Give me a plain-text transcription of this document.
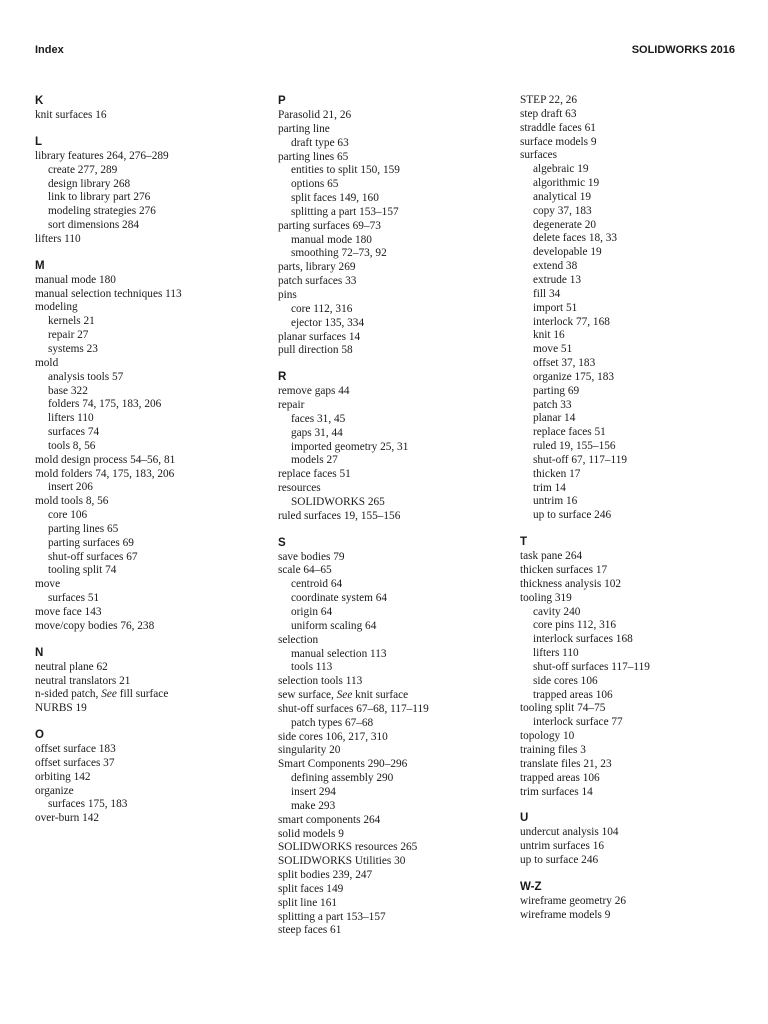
Index	SOLIDWORKS 2016
K
knit surfaces 16
L
library features 264, 276–289
create 277, 289
design library 268
link to library part 276
modeling strategies 276
sort dimensions 284
lifters 110
M
manual mode 180
manual selection techniques 113
modeling
kernels 21
repair 27
systems 23
mold
analysis tools 57
base 322
folders 74, 175, 183, 206
lifters 110
surfaces 74
tools 8, 56
mold design process 54–56, 81
mold folders 74, 175, 183, 206
insert 206
mold tools 8, 56
core 106
parting lines 65
parting surfaces 69
shut-off surfaces 67
tooling split 74
move
surfaces 51
move face 143
move/copy bodies 76, 238
N
neutral plane 62
neutral translators 21
n-sided patch, See fill surface
NURBS 19
O
offset surface 183
offset surfaces 37
orbiting 142
organize
surfaces 175, 183
over-burn 142
P
Parasolid 21, 26
parting line
draft type 63
parting lines 65
entities to split 150, 159
options 65
split faces 149, 160
splitting a part 153–157
parting surfaces 69–73
manual mode 180
smoothing 72–73, 92
parts, library 269
patch surfaces 33
pins
core 112, 316
ejector 135, 334
planar surfaces 14
pull direction 58
R
remove gaps 44
repair
faces 31, 45
gaps 31, 44
imported geometry 25, 31
models 27
replace faces 51
resources
SOLIDWORKS 265
ruled surfaces 19, 155–156
S
save bodies 79
scale 64–65
centroid 64
coordinate system 64
origin 64
uniform scaling 64
selection
manual selection 113
tools 113
selection tools 113
sew surface, See knit surface
shut-off surfaces 67–68, 117–119
patch types 67–68
side cores 106, 217, 310
singularity 20
Smart Components 290–296
defining assembly 290
insert 294
make 293
smart components 264
solid models 9
SOLIDWORKS resources 265
SOLIDWORKS Utilities 30
split bodies 239, 247
split faces 149
split line 161
splitting a part 153–157
steep faces 61
STEP 22, 26
step draft 63
straddle faces 61
surface models 9
surfaces
algebraic 19
algorithmic 19
analytical 19
copy 37, 183
degenerate 20
delete faces 18, 33
developable 19
extend 38
extrude 13
fill 34
import 51
interlock 77, 168
knit 16
move 51
offset 37, 183
organize 175, 183
parting 69
patch 33
planar 14
replace faces 51
ruled 19, 155–156
shut-off 67, 117–119
thicken 17
trim 14
untrim 16
up to surface 246
T
task pane 264
thicken surfaces 17
thickness analysis 102
tooling 319
cavity 240
core pins 112, 316
interlock surfaces 168
lifters 110
shut-off surfaces 117–119
side cores 106
trapped areas 106
tooling split 74–75
interlock surface 77
topology 10
training files 3
translate files 21, 23
trapped areas 106
trim surfaces 14
U
undercut analysis 104
untrim surfaces 16
up to surface 246
W-Z
wireframe geometry 26
wireframe models 9
